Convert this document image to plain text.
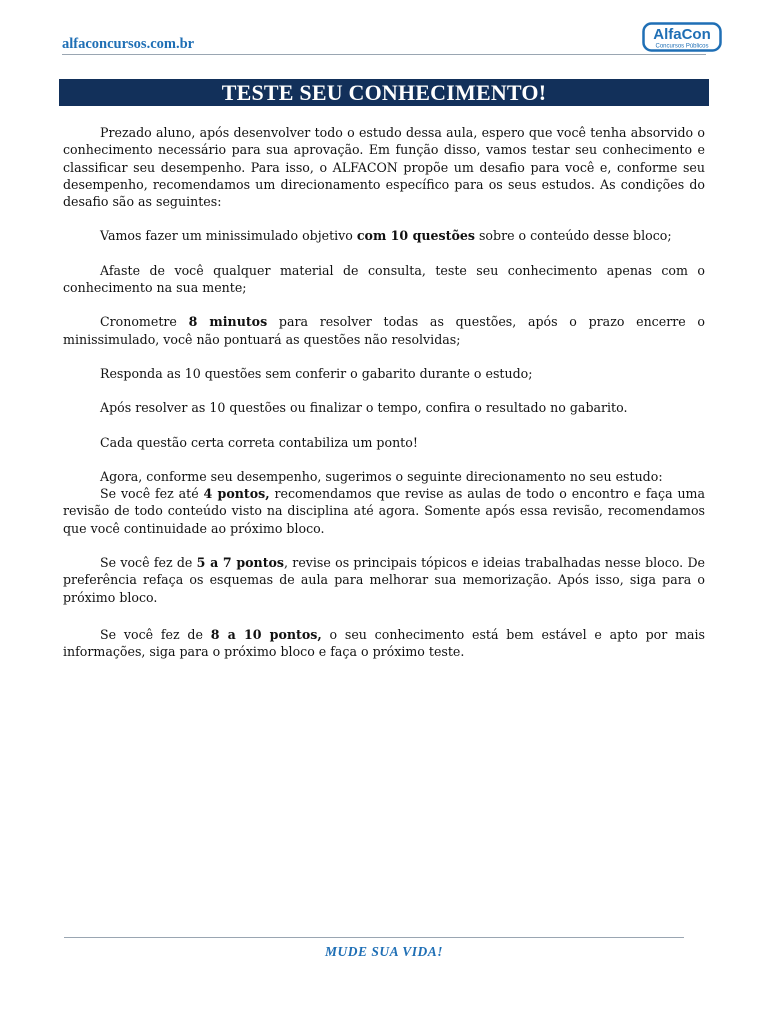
alfaconcursos.com.br
AlfaCon
Concursos Públicos
TESTE SEU CONHECIMENTO!

Prezado aluno, após desenvolver todo o estudo dessa aula, espero que você tenha absorvido o conhecimento necessário para sua aprovação. Em função disso, vamos testar seu conhecimento e classificar seu desempenho. Para isso, o ALFACON propõe um desafio para você e, conforme seu desempenho, recomendamos um direcionamento específico para os seus estudos. As condições do desafio são as seguintes:

Vamos fazer um minissimulado objetivo com 10 questões sobre o conteúdo desse bloco;

Afaste de você qualquer material de consulta, teste seu conhecimento apenas com o conhecimento na sua mente;

Cronometre 8 minutos para resolver todas as questões, após o prazo encerre o minissimulado, você não pontuará as questões não resolvidas;

Responda as 10 questões sem conferir o gabarito durante o estudo;

Após resolver as 10 questões ou finalizar o tempo, confira o resultado no gabarito.

Cada questão certa correta contabiliza um ponto!

Agora, conforme seu desempenho, sugerimos o seguinte direcionamento no seu estudo:

Se você fez até 4 pontos, recomendamos que revise as aulas de todo o encontro e faça uma revisão de todo conteúdo visto na disciplina até agora. Somente após essa revisão, recomendamos que você continuidade ao próximo bloco.

Se você fez de 5 a 7 pontos, revise os principais tópicos e ideias trabalhadas nesse bloco. De preferência refaça os esquemas de aula para melhorar sua memorização. Após isso, siga para o próximo bloco.

Se você fez de 8 a 10 pontos, o seu conhecimento está bem estável e apto por mais informações, siga para o próximo bloco e faça o próximo teste.

MUDE SUA VIDA!
